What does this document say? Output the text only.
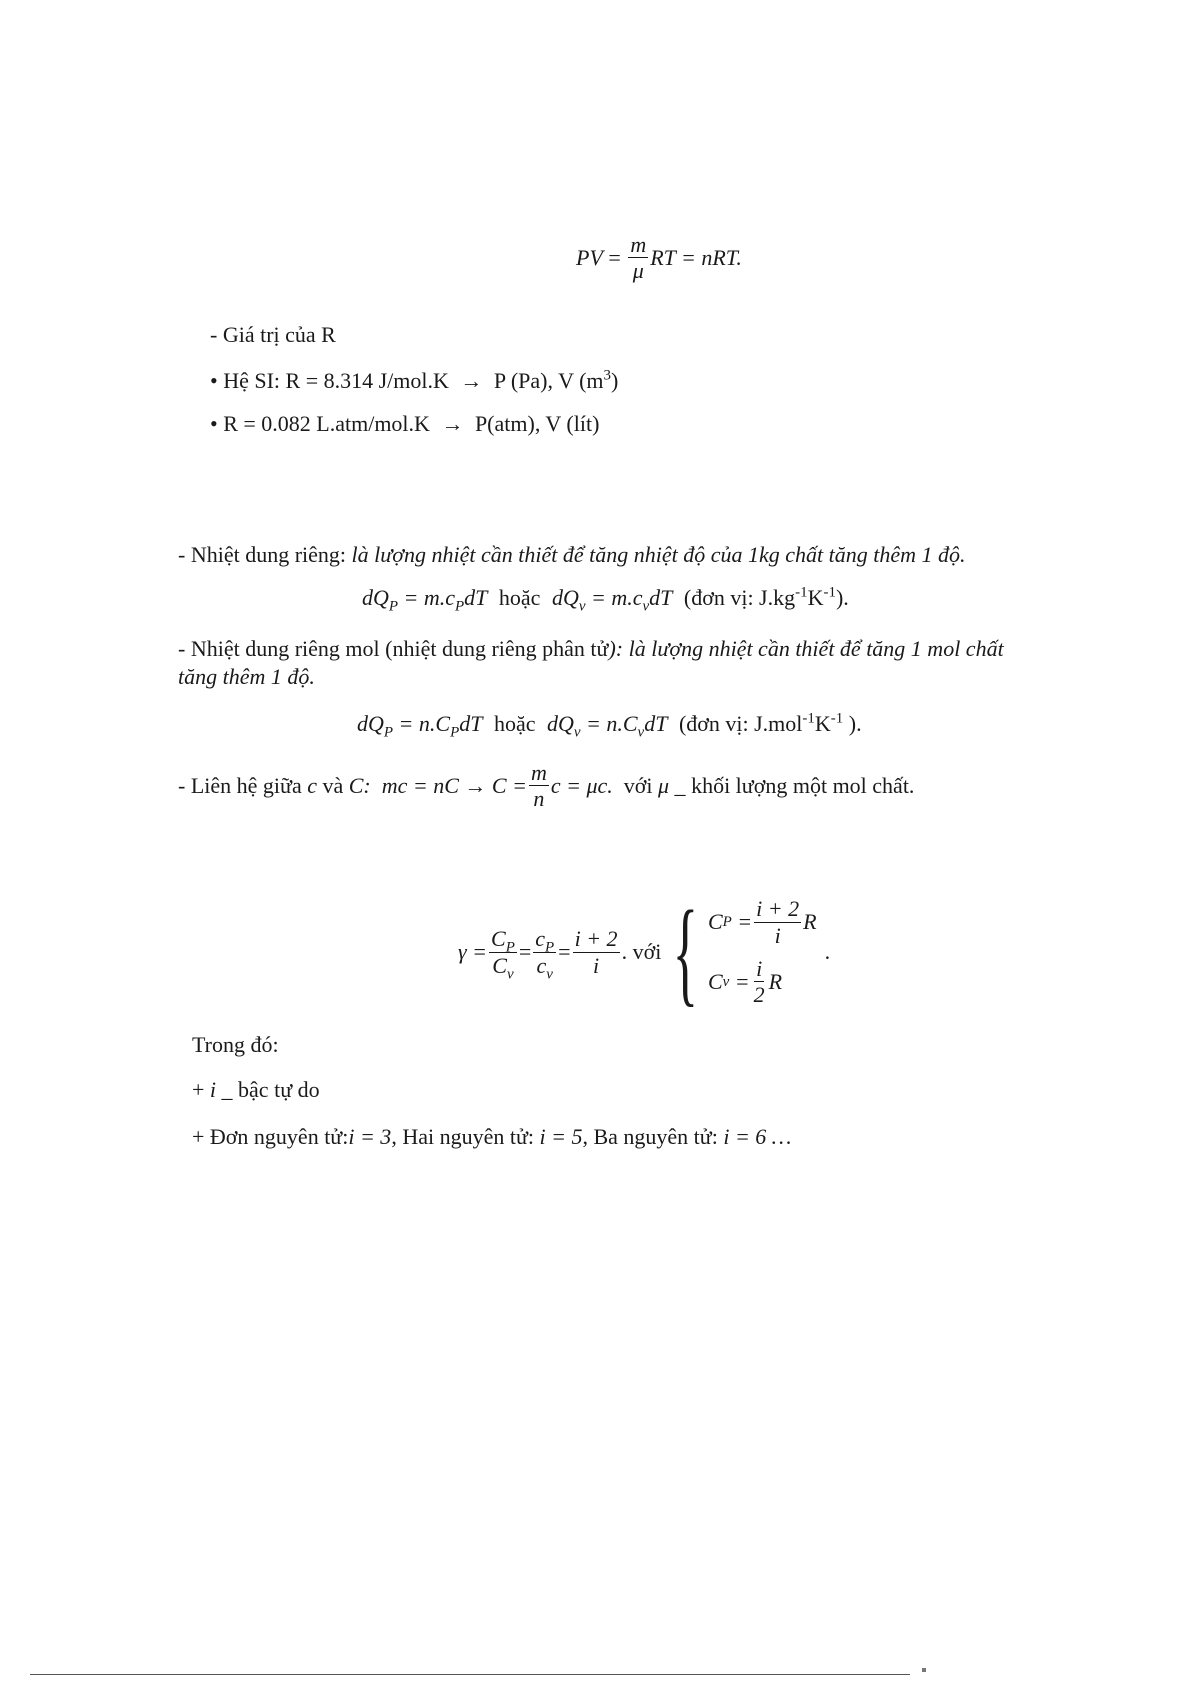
PV = $\frac{m}{\mu}$ RT = nRT.
- Giá trị của R
• Hệ SI: R = 8.314 J/mol.K → P (Pa), V $(m^3)$
• R = 0.082 L.atm/mol.K → P(atm), V (lít)
- Nhiệt dung riêng: là lượng nhiệt cần thiết để tăng nhiệt độ của 1kg chất tăng thêm 1 độ.
$dQ_P = m.c_PdT$ hoặc $dQ_v = m.c_vdT$ (đơn vị: $J.kg^{-1}K^{-1}$).
- Nhiệt dung riêng mol (nhiệt dung riêng phân tử): là lượng nhiệt cần thiết để tăng 1 mol chất
tăng thêm 1 độ.
$dQ_P = n.C_PdT$ hoặc $dQ_v = n.C_vdT$ (đơn vị: $J.mol^{-1}K^{-1}$ ).
- Liên hệ giữa
c
và
C:
mc = nC → $C = \frac{m}{n}$ c = μc.
với
μ _
khối lượng một mol chất.
$\gamma = \frac{C_P}{C_v} = \frac{c_P}{c_v} = \frac{i + 2}{i}$ .
với { C $P = \frac{i + 2}{i}$ R
C $v = \frac{i}{2}$ R
.
Trong đó:
+ i _ bậc tự do
+ Đơn nguyên tử:i = 3, Hai nguyên tử: i = 5, Ba nguyên tử: i = 6 …
